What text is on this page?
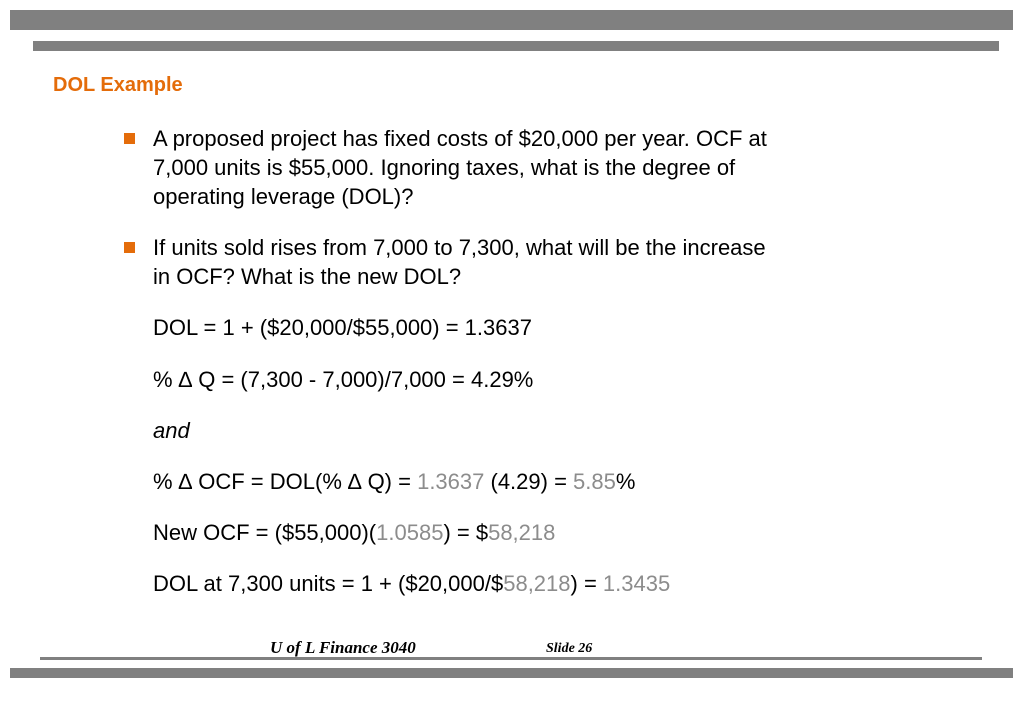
DOL Example
A proposed project has fixed costs of $20,000 per year. OCF at
7,000 units is $55,000. Ignoring taxes, what is the degree of
operating leverage (DOL)?
If units sold rises from 7,000 to 7,300, what will be the increase
in OCF? What is the new DOL?
DOL = 1 + ($20,000/$55,000) = 1.3637
% ∆ Q = (7,300 - 7,000)/7,000 = 4.29%
and
% ∆ OCF = DOL(% ∆ Q) = 1.3637 (4.29) = 5.85%
New OCF = ($55,000)(1.0585) = $58,218
DOL at 7,300 units = 1 + ($20,000/$58,218) = 1.3435
U of L Finance 3040	Slide 26
